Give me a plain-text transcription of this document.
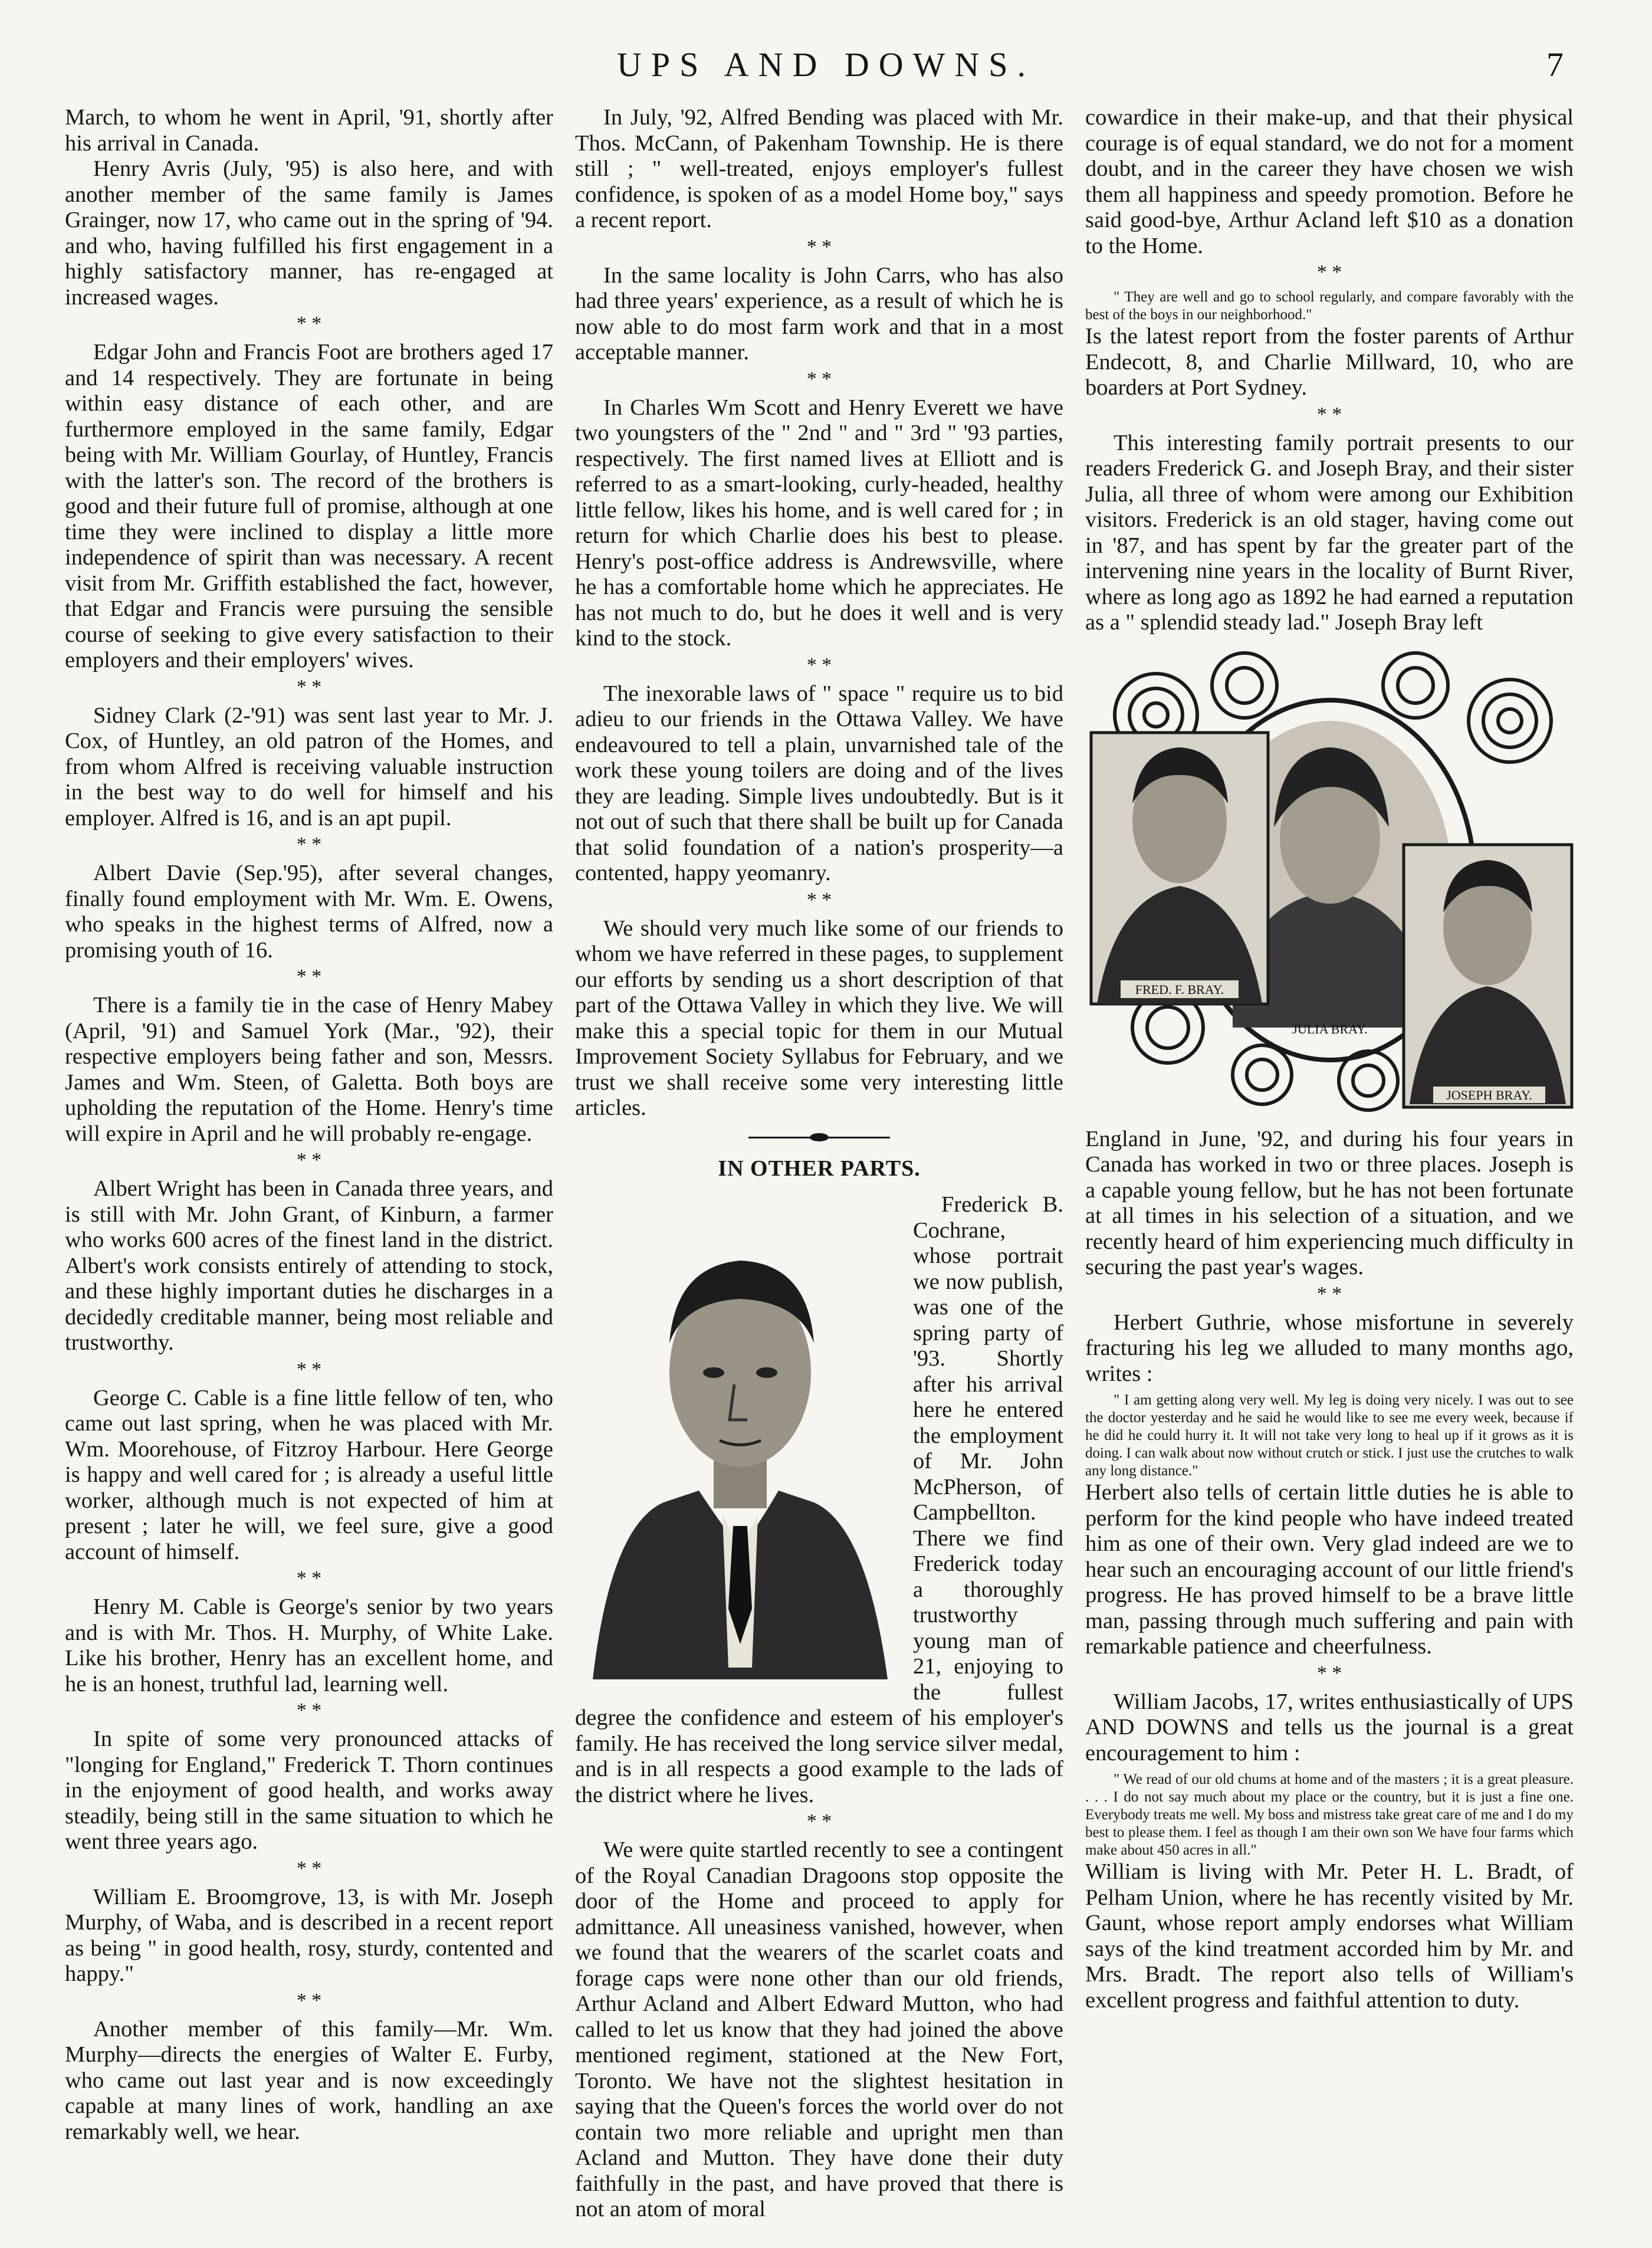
UPS AND DOWNS.	7

March, to whom he went in April, '91, shortly after his arrival in Canada.

Henry Avris (July, '95) is also here, and with another member of the same family is James Grainger, now 17, who came out in the spring of '94. and who, having fulfilled his first engagement in a highly satisfactory manner, has re-engaged at increased wages.

* *

Edgar John and Francis Foot are brothers aged 17 and 14 respectively. They are fortunate in being within easy distance of each other, and are furthermore employed in the same family, Edgar being with Mr. William Gourlay, of Huntley, Francis with the latter's son. The record of the brothers is good and their future full of promise, although at one time they were inclined to display a little more independence of spirit than was necessary. A recent visit from Mr. Griffith established the fact, however, that Edgar and Francis were pursuing the sensible course of seeking to give every satisfaction to their employers and their employers' wives.

* *

Sidney Clark (2-'91) was sent last year to Mr. J. Cox, of Huntley, an old patron of the Homes, and from whom Alfred is receiving valuable instruction in the best way to do well for himself and his employer. Alfred is 16, and is an apt pupil.

* *

Albert Davie (Sep.'95), after several changes, finally found employment with Mr. Wm. E. Owens, who speaks in the highest terms of Alfred, now a promising youth of 16.

* *

There is a family tie in the case of Henry Mabey (April, '91) and Samuel York (Mar., '92), their respective employers being father and son, Messrs. James and Wm. Steen, of Galetta. Both boys are upholding the reputation of the Home. Henry's time will expire in April and he will probably re-engage.

* *

Albert Wright has been in Canada three years, and is still with Mr. John Grant, of Kinburn, a farmer who works 600 acres of the finest land in the district. Albert's work consists entirely of attending to stock, and these highly important duties he discharges in a decidedly creditable manner, being most reliable and trustworthy.

* *

George C. Cable is a fine little fellow of ten, who came out last spring, when he was placed with Mr. Wm. Moorehouse, of Fitzroy Harbour. Here George is happy and well cared for ; is already a useful little worker, although much is not expected of him at present ; later he will, we feel sure, give a good account of himself.

* *

Henry M. Cable is George's senior by two years and is with Mr. Thos. H. Murphy, of White Lake. Like his brother, Henry has an excellent home, and he is an honest, truthful lad, learning well.

* *

In spite of some very pronounced attacks of "longing for England," Frederick T. Thorn continues in the enjoyment of good health, and works away steadily, being still in the same situation to which he went three years ago.

* *

William E. Broomgrove, 13, is with Mr. Joseph Murphy, of Waba, and is described in a recent report as being " in good health, rosy, sturdy, contented and happy."

* *

Another member of this family—Mr. Wm. Murphy—directs the energies of Walter E. Furby, who came out last year and is now exceedingly capable at many lines of work, handling an axe remarkably well, we hear.

In July, '92, Alfred Bending was placed with Mr. Thos. McCann, of Pakenham Township. He is there still ; " well-treated, enjoys employer's fullest confidence, is spoken of as a model Home boy," says a recent report.

* *

In the same locality is John Carrs, who has also had three years' experience, as a result of which he is now able to do most farm work and that in a most acceptable manner.

* *

In Charles Wm Scott and Henry Everett we have two youngsters of the " 2nd " and " 3rd " '93 parties, respectively. The first named lives at Elliott and is referred to as a smart-looking, curly-headed, healthy little fellow, likes his home, and is well cared for ; in return for which Charlie does his best to please. Henry's post-office address is Andrewsville, where he has a comfortable home which he appreciates. He has not much to do, but he does it well and is very kind to the stock.

* *

The inexorable laws of " space " require us to bid adieu to our friends in the Ottawa Valley. We have endeavoured to tell a plain, unvarnished tale of the work these young toilers are doing and of the lives they are leading. Simple lives undoubtedly. But is it not out of such that there shall be built up for Canada that solid foundation of a nation's prosperity—a contented, happy yeomanry.

* *

We should very much like some of our friends to whom we have referred in these pages, to supplement our efforts by sending us a short description of that part of the Ottawa Valley in which they live. We will make this a special topic for them in our Mutual Improvement Society Syllabus for February, and we trust we shall receive some very interesting little articles.

IN OTHER PARTS.

Frederick B. Cochrane, whose portrait we now publish, was one of the spring party of '93. Shortly after his arrival here he entered the employment of Mr. John McPherson, of Campbellton. There we find Frederick today a thoroughly trustworthy young man of 21, enjoying to the fullest degree the confidence and esteem of his employer's family. He has received the long service silver medal, and is in all respects a good example to the lads of the district where he lives.

* *

We were quite startled recently to see a contingent of the Royal Canadian Dragoons stop opposite the door of the Home and proceed to apply for admittance. All uneasiness vanished, however, when we found that the wearers of the scarlet coats and forage caps were none other than our old friends, Arthur Acland and Albert Edward Mutton, who had called to let us know that they had joined the above mentioned regiment, stationed at the New Fort, Toronto. We have not the slightest hesitation in saying that the Queen's forces the world over do not contain two more reliable and upright men than Acland and Mutton. They have done their duty faithfully in the past, and have proved that there is not an atom of moral

cowardice in their make-up, and that their physical courage is of equal standard, we do not for a moment doubt, and in the career they have chosen we wish them all happiness and speedy promotion. Before he said good-bye, Arthur Acland left $10 as a donation to the Home.

* *

" They are well and go to school regularly, and compare favorably with the best of the boys in our neighborhood."

Is the latest report from the foster parents of Arthur Endecott, 8, and Charlie Millward, 10, who are boarders at Port Sydney.

* *

This interesting family portrait presents to our readers Frederick G. and Joseph Bray, and their sister Julia, all three of whom were among our Exhibition visitors. Frederick is an old stager, having come out in '87, and has spent by far the greater part of the intervening nine years in the locality of Burnt River, where as long ago as 1892 he had earned a reputation as a " splendid steady lad." Joseph Bray left

FRED. F. BRAY.
JOSEPH BRAY.
JULIA BRAY.

England in June, '92, and during his four years in Canada has worked in two or three places. Joseph is a capable young fellow, but he has not been fortunate at all times in his selection of a situation, and we recently heard of him experiencing much difficulty in securing the past year's wages.

* *

Herbert Guthrie, whose misfortune in severely fracturing his leg we alluded to many months ago, writes :

" I am getting along very well. My leg is doing very nicely. I was out to see the doctor yesterday and he said he would like to see me every week, because if he did he could hurry it. It will not take very long to heal up if it grows as it is doing. I can walk about now without crutch or stick. I just use the crutches to walk any long distance."

Herbert also tells of certain little duties he is able to perform for the kind people who have indeed treated him as one of their own. Very glad indeed are we to hear such an encouraging account of our little friend's progress. He has proved himself to be a brave little man, passing through much suffering and pain with remarkable patience and cheerfulness.

* *

William Jacobs, 17, writes enthusiastically of UPS AND DOWNS and tells us the journal is a great encouragement to him :

" We read of our old chums at home and of the masters ; it is a great pleasure. . . . I do not say much about my place or the country, but it is just a fine one. Everybody treats me well. My boss and mistress take great care of me and I do my best to please them. I feel as though I am their own son We have four farms which make about 450 acres in all."

William is living with Mr. Peter H. L. Bradt, of Pelham Union, where he has recently visited by Mr. Gaunt, whose report amply endorses what William says of the kind treatment accorded him by Mr. and Mrs. Bradt. The report also tells of William's excellent progress and faithful attention to duty.
